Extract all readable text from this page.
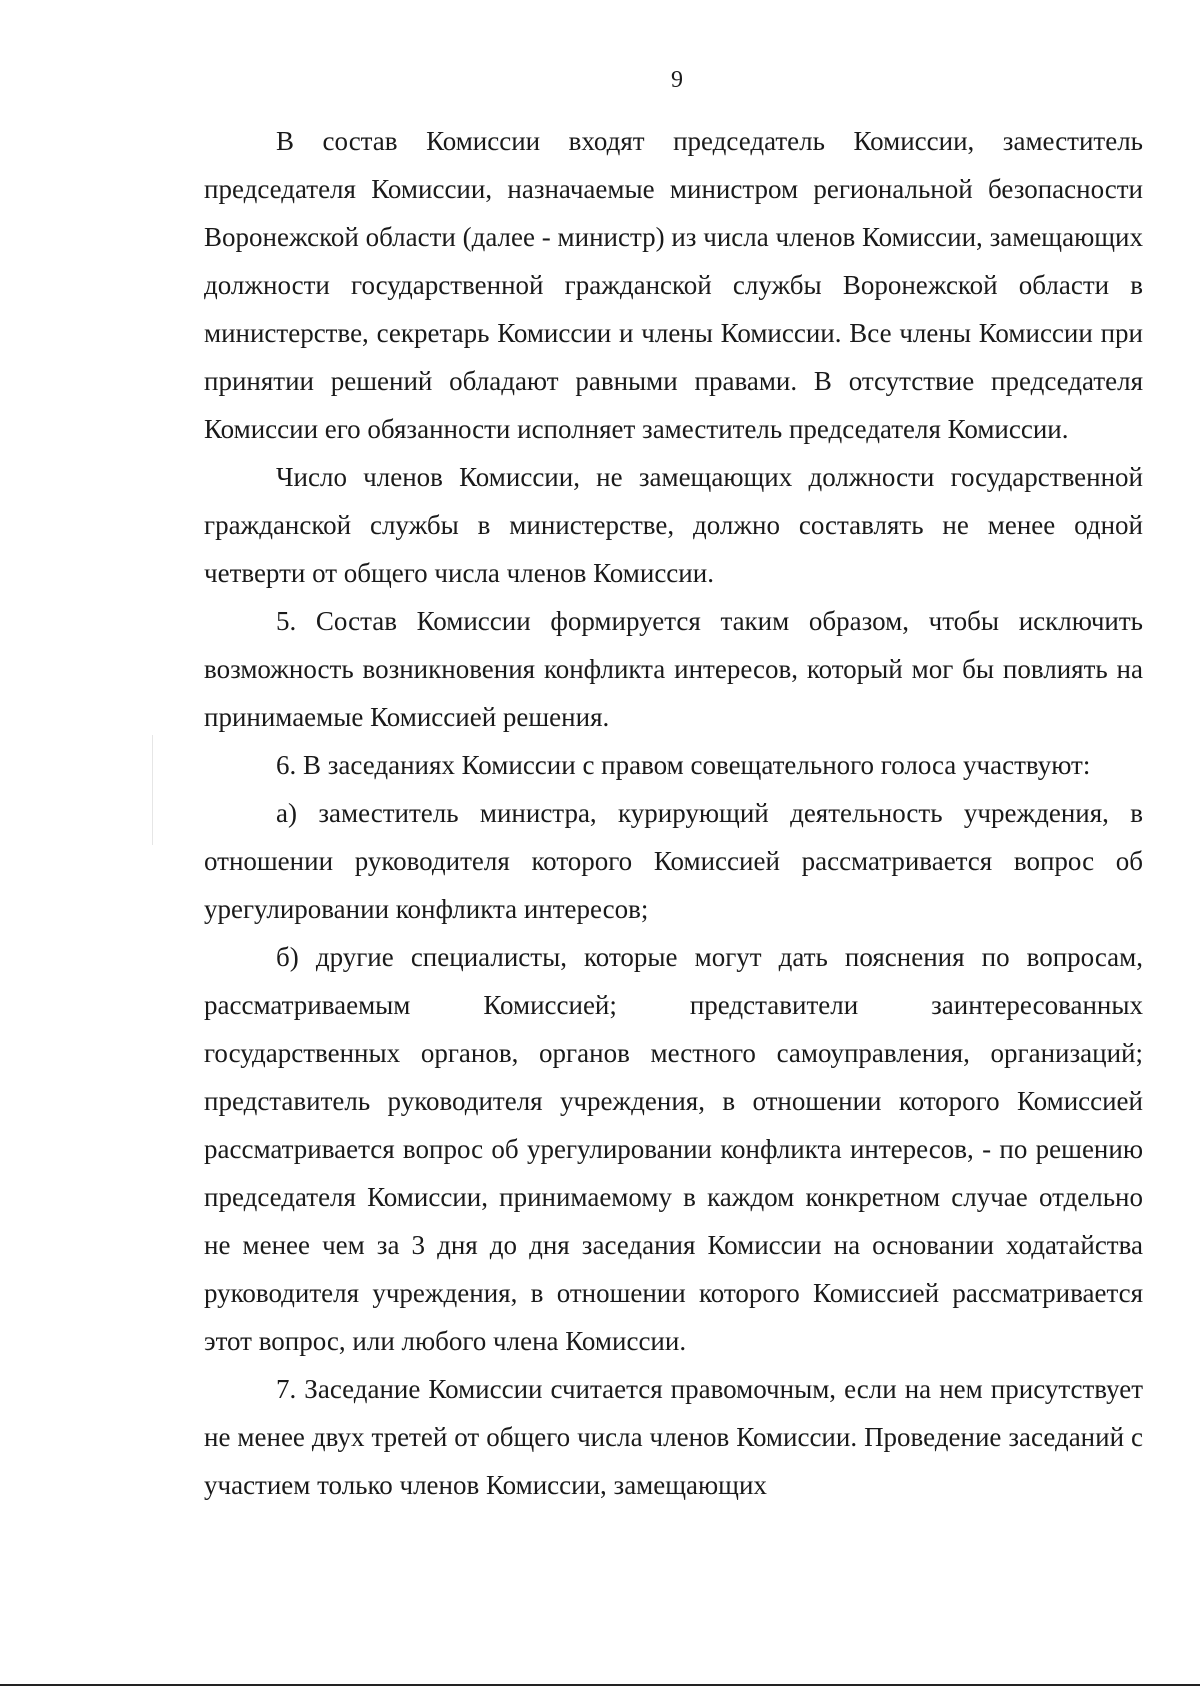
9

В состав Комиссии входят председатель Комиссии, заместитель председателя Комиссии, назначаемые министром региональной безопасности Воронежской области (далее - министр) из числа членов Комиссии, замещающих должности государственной гражданской службы Воронежской области в министерстве, секретарь Комиссии и члены Комиссии. Все члены Комиссии при принятии решений обладают равными правами. В отсутствие председателя Комиссии его обязанности исполняет заместитель председателя Комиссии.

Число членов Комиссии, не замещающих должности государственной гражданской службы в министерстве, должно составлять не менее одной четверти от общего числа членов Комиссии.

5. Состав Комиссии формируется таким образом, чтобы исключить возможность возникновения конфликта интересов, который мог бы повлиять на принимаемые Комиссией решения.

6. В заседаниях Комиссии с правом совещательного голоса участвуют:

а) заместитель министра, курирующий деятельность учреждения, в отношении руководителя которого Комиссией рассматривается вопрос об урегулировании конфликта интересов;

б) другие специалисты, которые могут дать пояснения по вопросам, рассматриваемым Комиссией; представители заинтересованных государственных органов, органов местного самоуправления, организаций; представитель руководителя учреждения, в отношении которого Комиссией рассматривается вопрос об урегулировании конфликта интересов, - по решению председателя Комиссии, принимаемому в каждом конкретном случае отдельно не менее чем за 3 дня до дня заседания Комиссии на основании ходатайства руководителя учреждения, в отношении которого Комиссией рассматривается этот вопрос, или любого члена Комиссии.

7. Заседание Комиссии считается правомочным, если на нем присутствует не менее двух третей от общего числа членов Комиссии. Проведение заседаний с участием только членов Комиссии, замещающих
